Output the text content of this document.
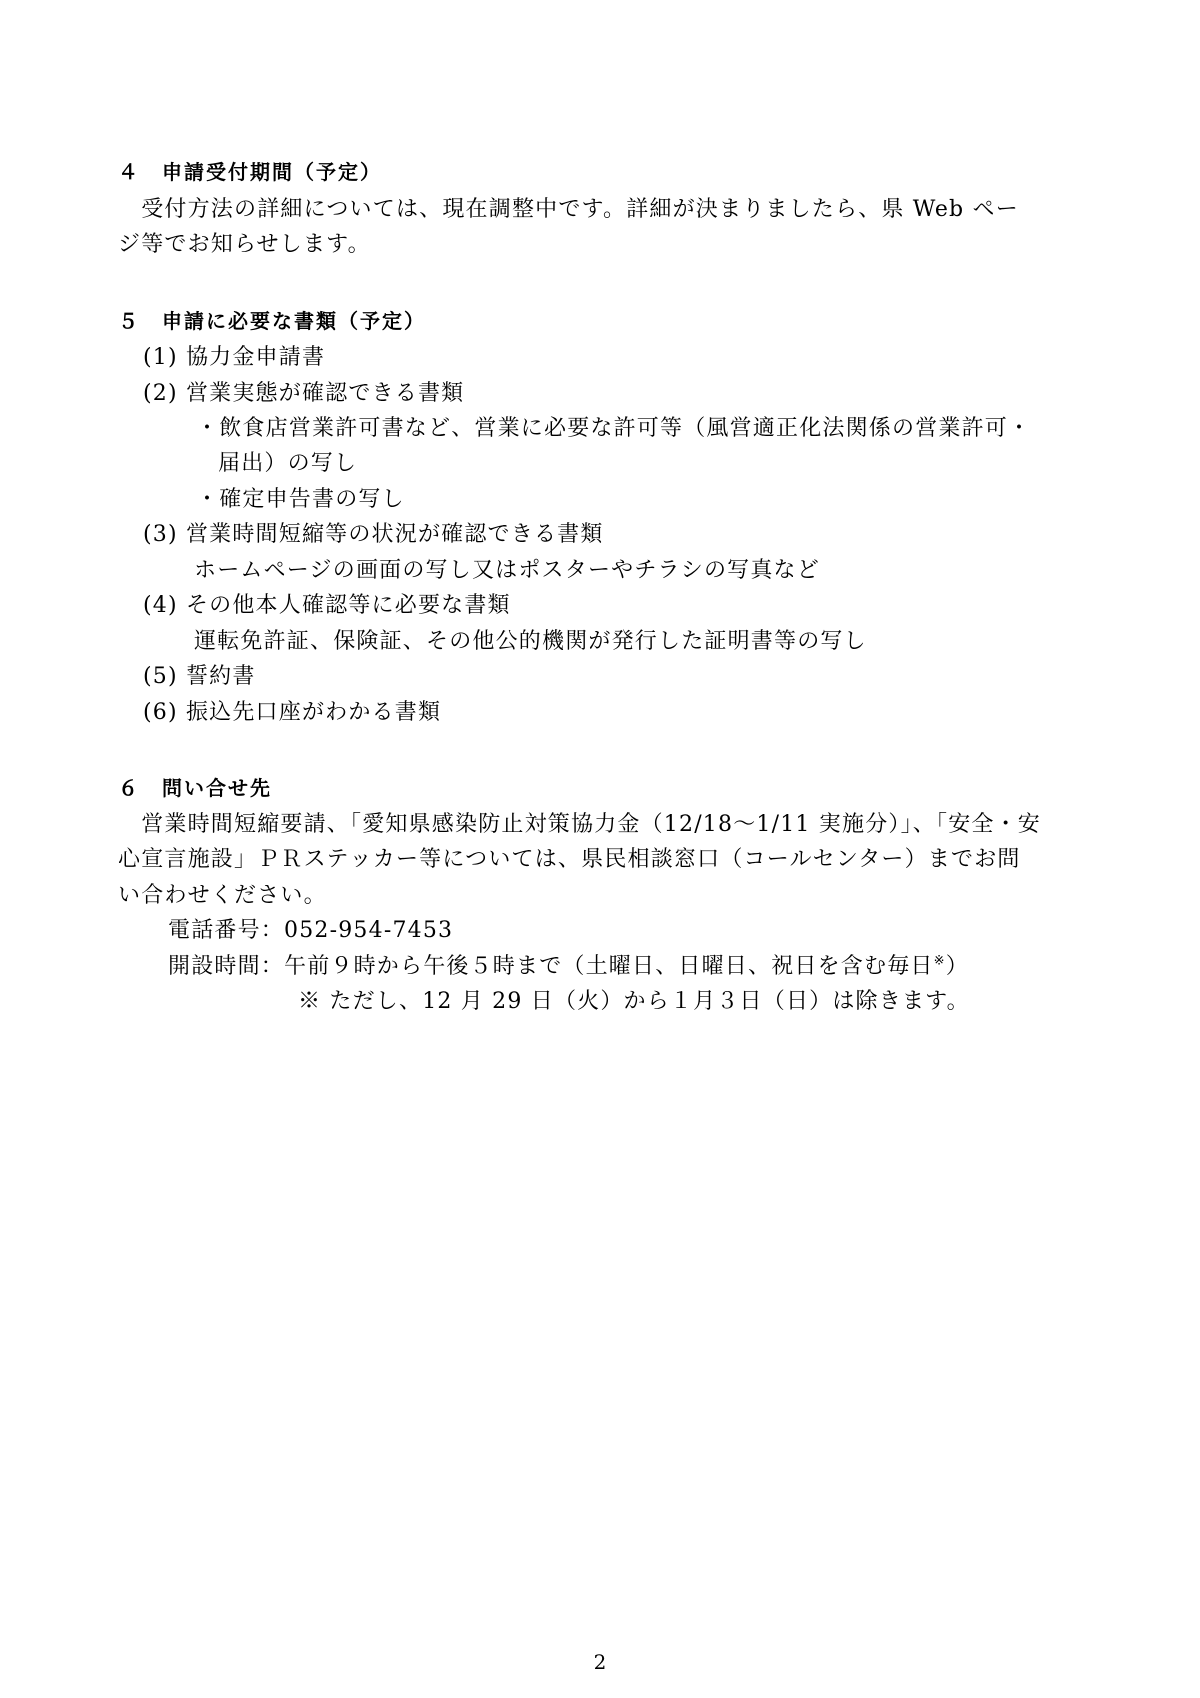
４　申請受付期間（予定）
　受付方法の詳細については、現在調整中です。詳細が決まりましたら、県 Web ペー
ジ等でお知らせします。
５　申請に必要な書類（予定）
(1) 協力金申請書
(2) 営業実態が確認できる書類
・飲食店営業許可書など、営業に必要な許可等（風営適正化法関係の営業許可・
届出）の写し
・確定申告書の写し
(3) 営業時間短縮等の状況が確認できる書類
ホームページの画面の写し又はポスターやチラシの写真など
(4) その他本人確認等に必要な書類
運転免許証、保険証、その他公的機関が発行した証明書等の写し
(5) 誓約書
(6) 振込先口座がわかる書類
６　問い合せ先
　営業時間短縮要請、「愛知県感染防止対策協力金（12/18～1/11 実施分）」、「安全・安
心宣言施設」ＰＲステッカー等については、県民相談窓口（コールセンター）までお問
い合わせください。
電話番号：052-954-7453
開設時間：午前９時から午後５時まで（土曜日、日曜日、祝日を含む毎日※）
※ ただし、12 月 29 日（火）から１月３日（日）は除きます。
2
